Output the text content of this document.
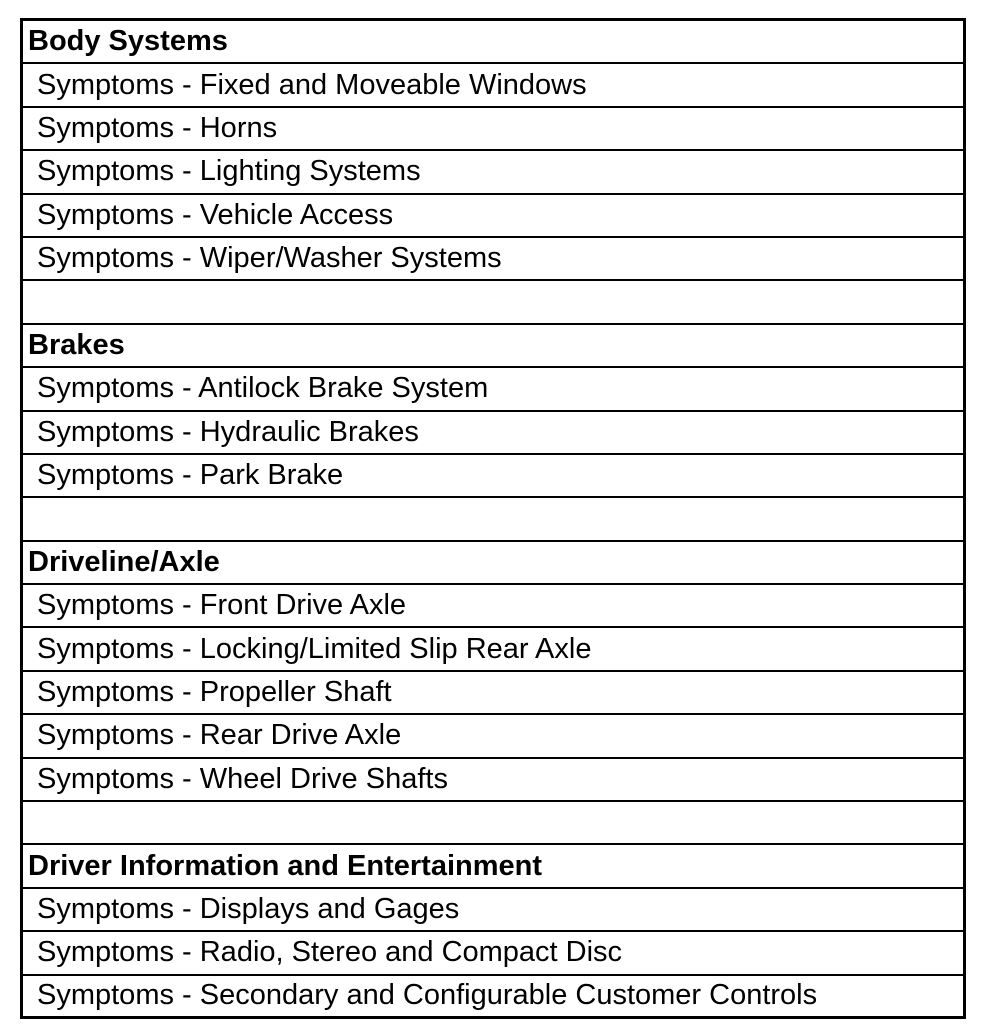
Body Systems
Symptoms - Fixed and Moveable Windows
Symptoms - Horns
Symptoms - Lighting Systems
Symptoms - Vehicle Access
Symptoms - Wiper/Washer Systems
Brakes
Symptoms - Antilock Brake System
Symptoms - Hydraulic Brakes
Symptoms - Park Brake
Driveline/Axle
Symptoms - Front Drive Axle
Symptoms - Locking/Limited Slip Rear Axle
Symptoms - Propeller Shaft
Symptoms - Rear Drive Axle
Symptoms - Wheel Drive Shafts
Driver Information and Entertainment
Symptoms - Displays and Gages
Symptoms - Radio, Stereo and Compact Disc
Symptoms - Secondary and Configurable Customer Controls
